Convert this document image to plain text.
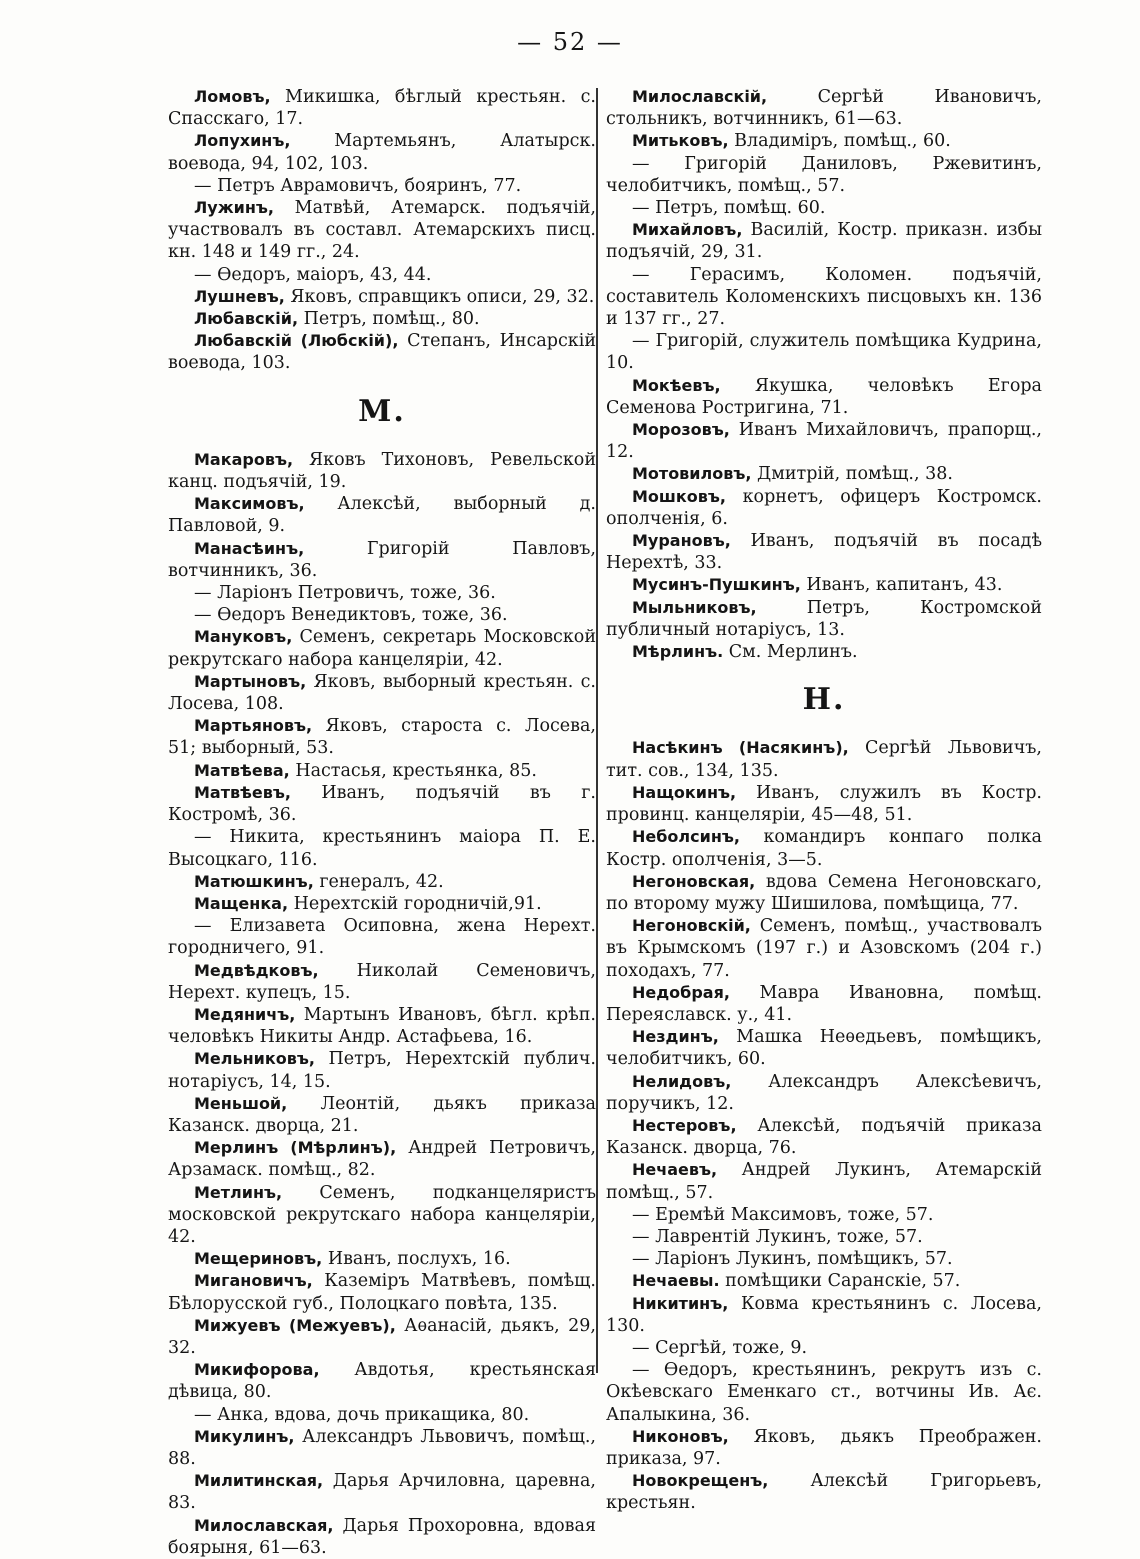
— 52 —

Ломовъ, Микишка, бѣглый крестьян. с. Спасскаго, 17.

Лопухинъ, Мартемьянъ, Алатырск. воевода, 94, 102, 103.

— Петръ Аврамовичъ, бояринъ, 77.

Лужинъ, Матвѣй, Атемарск. подъячій, участвовалъ въ составл. Атемарскихъ писц. кн. 148 и 149 гг., 24.

— Ѳедоръ, маіоръ, 43, 44.

Лушневъ, Яковъ, справщикъ описи, 29, 32.

Любавскій, Петръ, помѣщ., 80.

Любавскій (Любскій), Степанъ, Инсарскій воевода, 103.

М.

Макаровъ, Яковъ Тихоновъ, Ревельской канц. подъячій, 19.

Максимовъ, Алексѣй, выборный д. Павловой, 9.

Манасѣинъ, Григорій Павловъ, вотчинникъ, 36.

— Ларіонъ Петровичъ, тоже, 36.

— Ѳедоръ Венедиктовъ, тоже, 36.

Мануковъ, Семенъ, секретарь Московской рекрутскаго набора канцеляріи, 42.

Мартыновъ, Яковъ, выборный крестьян. с. Лосева, 108.

Мартьяновъ, Яковъ, староста с. Лосева, 51; выборный, 53.

Матвѣева, Настасья, крестьянка, 85.

Матвѣевъ, Иванъ, подъячій въ г. Костромѣ, 36.

— Никита, крестьянинъ маіора П. Е. Высоцкаго, 116.

Матюшкинъ, генералъ, 42.

Мащенка, Нерехтскій городничій,91.

— Елизавета Осиповна, жена Нерехт. городничего, 91.

Медвѣдковъ, Николай Семеновичъ, Нерехт. купецъ, 15.

Медяничъ, Мартынъ Ивановъ, бѣгл. крѣп. человѣкъ Никиты Андр. Астафьева, 16.

Мельниковъ, Петръ, Нерехтскій публич. нотаріусъ, 14, 15.

Меньшой, Леонтій, дьякъ приказа Казанск. дворца, 21.

Мерлинъ (Мѣрлинъ), Андрей Петровичъ, Арзамаск. помѣщ., 82.

Метлинъ, Семенъ, подканцеляристъ московской рекрутскаго набора канцеляріи, 42.

Мещериновъ, Иванъ, послухъ, 16.

Мигановичъ, Каземіръ Матвѣевъ, помѣщ. Бѣлорусской губ., Полоцкаго повѣта, 135.

Мижуевъ (Межуевъ), Аѳанасій, дьякъ, 29, 32.

Микифорова, Авдотья, крестьянская дѣвица, 80.

— Анка, вдова, дочь прикащика, 80.

Микулинъ, Александръ Львовичъ, помѣщ., 88.

Милитинская, Дарья Арчиловна, царевна, 83.

Милославская, Дарья Прохоровна, вдовая боярыня, 61—63.

Милославскій, Сергѣй Ивановичъ, стольникъ, вотчинникъ, 61—63.

Митьковъ, Владиміръ, помѣщ., 60.

— Григорій Даниловъ, Ржевитинъ, челобитчикъ, помѣщ., 57.

— Петръ, помѣщ. 60.

Михайловъ, Василій, Костр. приказн. избы подъячій, 29, 31.

— Герасимъ, Коломен. подъячій, составитель Коломенскихъ писцовыхъ кн. 136 и 137 гг., 27.

— Григорій, служитель помѣщика Кудрина, 10.

Мокѣевъ, Якушка, человѣкъ Егора Семенова Ростригина, 71.

Морозовъ, Иванъ Михайловичъ, прапорщ., 12.

Мотовиловъ, Дмитрій, помѣщ., 38.

Мошковъ, корнетъ, офицеръ Костромск. ополченія, 6.

Мурановъ, Иванъ, подъячій въ посадѣ Нерехтѣ, 33.

Мусинъ-Пушкинъ, Иванъ, капитанъ, 43.

Мыльниковъ, Петръ, Костромской публичный нотаріусъ, 13.

Мѣрлинъ. См. Мерлинъ.

Н.

Насѣкинъ (Насякинъ), Сергѣй Львовичъ, тит. сов., 134, 135.

Нащокинъ, Иванъ, служилъ въ Костр. провинц. канцеляріи, 45—48, 51.

Неболсинъ, командиръ конпаго полка Костр. ополченія, 3—5.

Негоновская, вдова Семена Негоновскаго, по второму мужу Шишилова, помѣщица, 77.

Негоновскій, Семенъ, помѣщ., участвовалъ въ Крымскомъ (197 г.) и Азовскомъ (204 г.) походахъ, 77.

Недобрая, Мавра Ивановна, помѣщ. Переяславск. у., 41.

Нездинъ, Машка Неѳедьевъ, помѣщикъ, челобитчикъ, 60.

Нелидовъ, Александръ Алексѣевичъ, поручикъ, 12.

Нестеровъ, Алексѣй, подъячій приказа Казанск. дворца, 76.

Нечаевъ, Андрей Лукинъ, Атемарскій помѣщ., 57.

— Еремѣй Максимовъ, тоже, 57.

— Лаврентій Лукинъ, тоже, 57.

— Ларіонъ Лукинъ, помѣщикъ, 57.

Нечаевы. помѣщики Саранскіе, 57.

Никитинъ, Ковма крестьянинъ с. Лосева, 130.

— Сергѣй, тоже, 9.

— Ѳедоръ, крестьянинъ, рекрутъ изъ с. Окѣевскаго Еменкаго ст., вотчины Ив. Ає. Апалыкина, 36.

Никоновъ, Яковъ, дьякъ Преображен. приказа, 97.

Новокрещенъ, Алексѣй Григорьевъ, крестьян.
